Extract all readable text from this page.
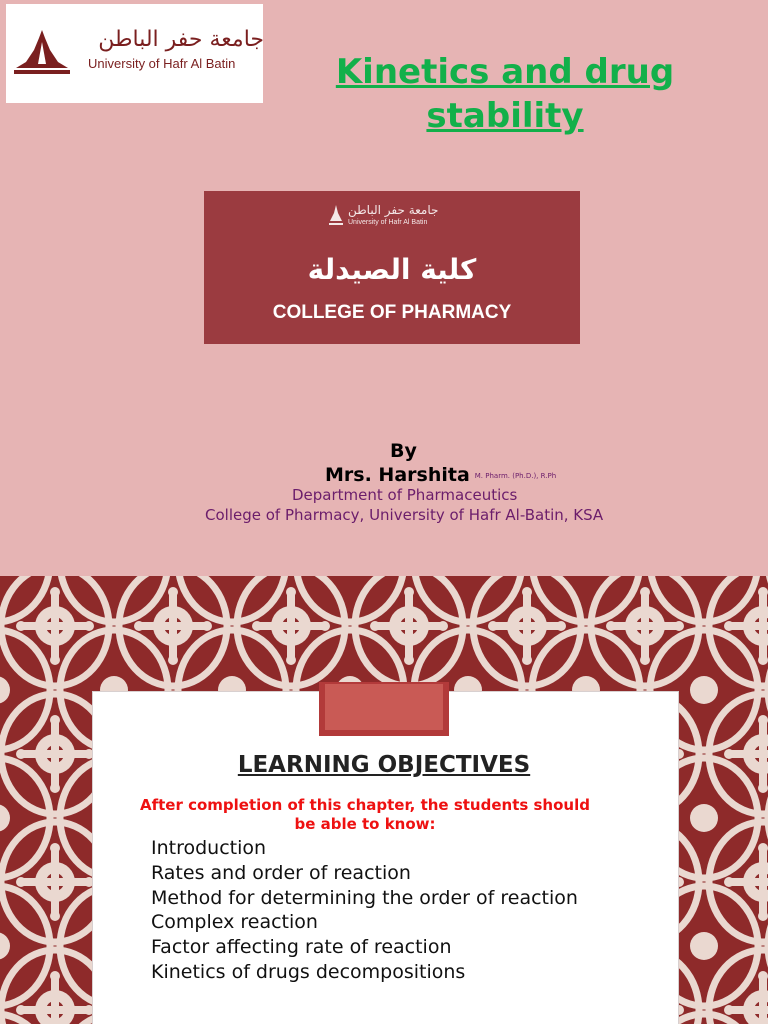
جامعة حفر الباطن
University of Hafr Al Batin	Kinetics and drug stability
جامعة حفر الباطن
University of Hafr Al Batin
كلية الصيدلة
COLLEGE OF PHARMACY
By
Mrs. Harshita M. Pharm. (Ph.D.), R.Ph
Department of Pharmaceutics
College of Pharmacy, University of Hafr Al-Batin, KSA
LEARNING OBJECTIVES
After completion of this chapter, the students should be able to know:
Introduction
Rates and order of reaction
Method for determining the order of reaction
Complex reaction
Factor affecting rate of reaction
Kinetics of drugs decompositions
